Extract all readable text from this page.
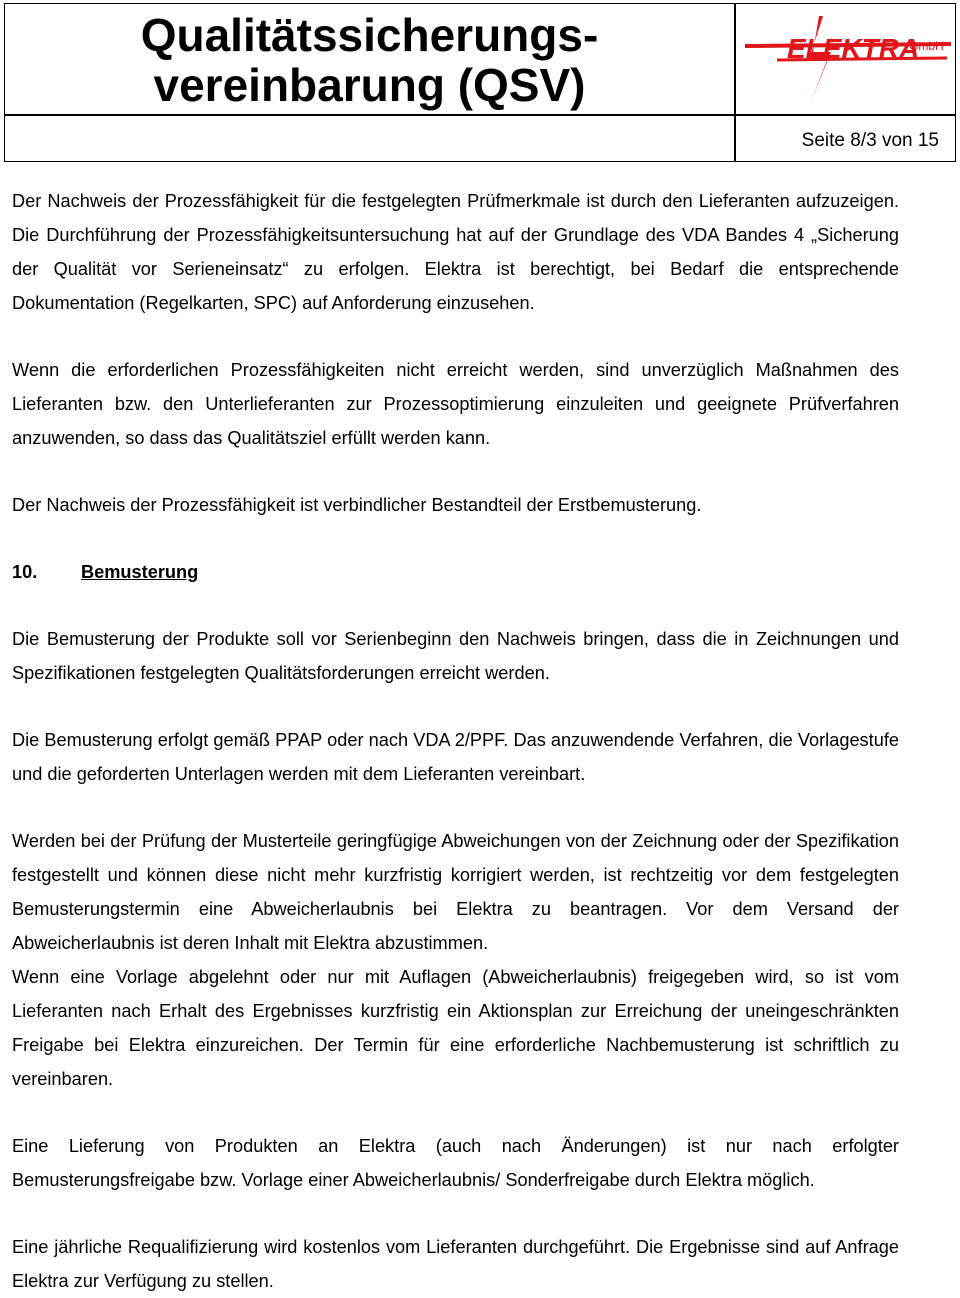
Qualitätssicherungs-
vereinbarung (QSV)
ELEKTRA
GmbH
Seite 8/3 von 15

Der Nachweis der Prozessfähigkeit für die festgelegten Prüfmerkmale ist durch den Lieferanten aufzuzeigen. Die Durchführung der Prozessfähigkeitsuntersuchung hat auf der Grundlage des VDA Bandes 4 „Sicherung der Qualität vor Serieneinsatz“ zu erfolgen. Elektra ist berechtigt, bei Bedarf die entsprechende Dokumentation (Regelkarten, SPC) auf Anforderung einzusehen.

Wenn die erforderlichen Prozessfähigkeiten nicht erreicht werden, sind unverzüglich Maßnahmen des Lieferanten bzw. den Unterlieferanten zur Prozessoptimierung einzuleiten und geeignete Prüfverfahren anzuwenden, so dass das Qualitätsziel erfüllt werden kann.

Der Nachweis der Prozessfähigkeit ist verbindlicher Bestandteil der Erstbemusterung.

10. Bemusterung

Die Bemusterung der Produkte soll vor Serienbeginn den Nachweis bringen, dass die in Zeichnungen und Spezifikationen festgelegten Qualitätsforderungen erreicht werden.

Die Bemusterung erfolgt gemäß PPAP oder nach VDA 2/PPF. Das anzuwendende Verfahren, die Vorlagestufe und die geforderten Unterlagen werden mit dem Lieferanten vereinbart.

Werden bei der Prüfung der Musterteile geringfügige Abweichungen von der Zeichnung oder der Spezifikation festgestellt und können diese nicht mehr kurzfristig korrigiert werden, ist rechtzeitig vor dem festgelegten Bemusterungstermin eine Abweicherlaubnis bei Elektra zu beantragen. Vor dem Versand der Abweicherlaubnis ist deren Inhalt mit Elektra abzustimmen.

Wenn eine Vorlage abgelehnt oder nur mit Auflagen (Abweicherlaubnis) freigegeben wird, so ist vom Lieferanten nach Erhalt des Ergebnisses kurzfristig ein Aktionsplan zur Erreichung der uneingeschränkten Freigabe bei Elektra einzureichen. Der Termin für eine erforderliche Nachbemusterung ist schriftlich zu vereinbaren.

Eine Lieferung von Produkten an Elektra (auch nach Änderungen) ist nur nach erfolgter Bemusterungsfreigabe bzw. Vorlage einer Abweicherlaubnis/ Sonderfreigabe durch Elektra möglich.

Eine jährliche Requalifizierung wird kostenlos vom Lieferanten durchgeführt. Die Ergebnisse sind auf Anfrage Elektra zur Verfügung zu stellen.
